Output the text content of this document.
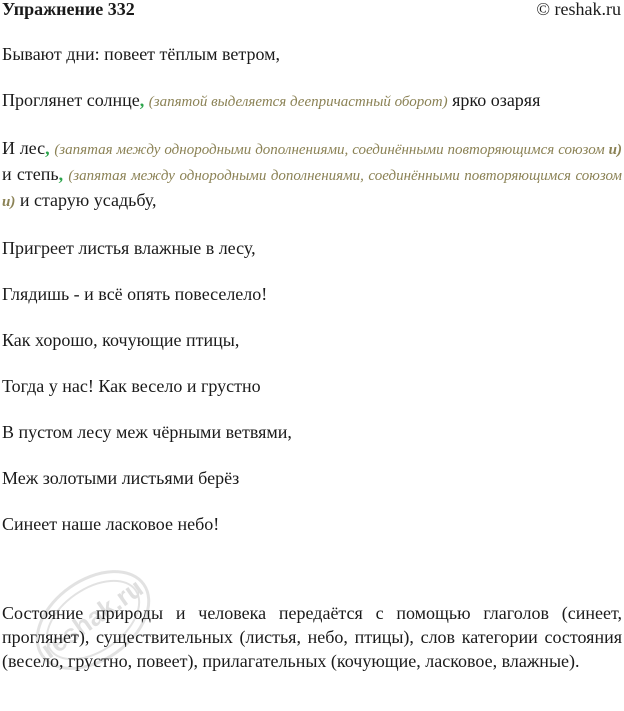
Упражнение 332	© reshak.ru

Бывают дни: повеет тёплым ветром,

Проглянет солнце, (запятой выделяется деепричастный оборот) ярко озаряя

И лес, (запятая между однородными дополнениями, соединёнными повторяющимся союзом и) и степь, (запятая между однородными дополнениями, соединёнными повторяющимся союзом и) и старую усадьбу,

Пригреет листья влажные в лесу,

Глядишь - и всё опять повеселело!

Как хорошо, кочующие птицы,

Тогда у нас! Как весело и грустно

В пустом лесу меж чёрными ветвями,

Меж золотыми листьями берёз

Синеет наше ласковое небо!

reshak.ru

Состояние природы и человека передаётся с помощью глаголов (синеет, проглянет), существительных (листья, небо, птицы), слов категории состояния (весело, грустно, повеет), прилагательных (кочующие, ласковое, влажные).
